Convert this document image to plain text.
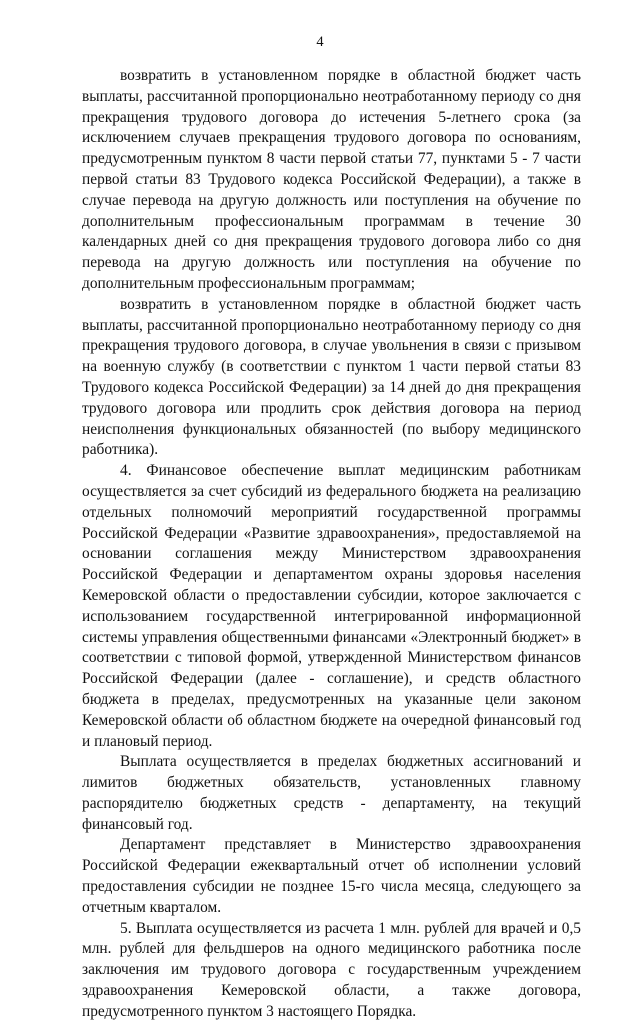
4

возвратить в установленном порядке в областной бюджет часть выплаты, рассчитанной пропорционально неотработанному периоду со дня прекращения трудового договора до истечения 5-летнего срока (за исключением случаев прекращения трудового договора по основаниям, предусмотренным пунктом 8 части первой статьи 77, пунктами 5 - 7 части первой статьи 83 Трудового кодекса Российской Федерации), а также в случае перевода на другую должность или поступления на обучение по дополнительным профессиональным программам в течение 30 календарных дней со дня прекращения трудового договора либо со дня перевода на другую должность или поступления на обучение по дополнительным профессиональным программам;

возвратить в установленном порядке в областной бюджет часть выплаты, рассчитанной пропорционально неотработанному периоду со дня прекращения трудового договора, в случае увольнения в связи с призывом на военную службу (в соответствии с пунктом 1 части первой статьи 83 Трудового кодекса Российской Федерации) за 14 дней до дня прекращения трудового договора или продлить срок действия договора на период неисполнения функциональных обязанностей (по выбору медицинского работника).

4. Финансовое обеспечение выплат медицинским работникам осуществляется за счет субсидий из федерального бюджета на реализацию отдельных полномочий мероприятий государственной программы Российской Федерации «Развитие здравоохранения», предоставляемой на основании соглашения между Министерством здравоохранения Российской Федерации и департаментом охраны здоровья населения Кемеровской области о предоставлении субсидии, которое заключается с использованием государственной интегрированной информационной системы управления общественными финансами «Электронный бюджет» в соответствии с типовой формой, утвержденной Министерством финансов Российской Федерации (далее - соглашение), и средств областного бюджета в пределах, предусмотренных на указанные цели законом Кемеровской области об областном бюджете на очередной финансовый год и плановый период.

Выплата осуществляется в пределах бюджетных ассигнований и лимитов бюджетных обязательств, установленных главному распорядителю бюджетных средств - департаменту, на текущий финансовый год.

Департамент представляет в Министерство здравоохранения Российской Федерации ежеквартальный отчет об исполнении условий предоставления субсидии не позднее 15-го числа месяца, следующего за отчетным кварталом.

5. Выплата осуществляется из расчета 1 млн. рублей для врачей и 0,5 млн. рублей для фельдшеров на одного медицинского работника после заключения им трудового договора с государственным учреждением здравоохранения Кемеровской области, а также договора, предусмотренного пунктом 3 настоящего Порядка.
